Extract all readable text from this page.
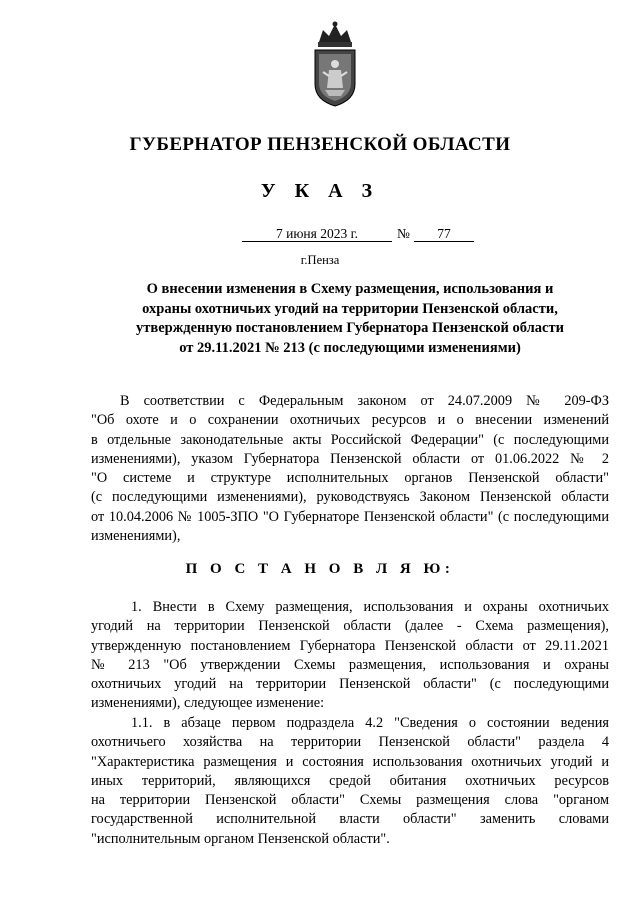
ГУБЕРНАТОР ПЕНЗЕНСКОЙ ОБЛАСТИ
У К А З
7 июня 2023 г.	№	77
г.Пенза
О внесении изменения в Схему размещения, использования и
охраны охотничьих угодий на территории Пензенской области,
утвержденную постановлением Губернатора Пензенской области
от 29.11.2021 № 213 (с последующими изменениями)
В соответствии с Федеральным законом от 24.07.2009 № 209-ФЗ
"Об охоте и о сохранении охотничьих ресурсов и о внесении изменений
в отдельные законодательные акты Российской Федерации" (с последующими
изменениями), указом Губернатора Пензенской области от 01.06.2022 № 2
"О системе и структуре исполнительных органов Пензенской области"
(с последующими изменениями), руководствуясь Законом Пензенской области
от 10.04.2006 № 1005-ЗПО "О Губернаторе Пензенской области" (с последующими
изменениями),
П О С Т А Н О В Л Я Ю:
1. Внести в Схему размещения, использования и охраны охотничьих
угодий на территории Пензенской области (далее - Схема размещения),
утвержденную постановлением Губернатора Пензенской области от 29.11.2021
№ 213 "Об утверждении Схемы размещения, использования и охраны
охотничьих угодий на территории Пензенской области" (с последующими
изменениями), следующее изменение:
1.1. в абзаце первом подраздела 4.2 "Сведения о состоянии ведения
охотничьего хозяйства на территории Пензенской области" раздела 4
"Характеристика размещения и состояния использования охотничьих угодий и
иных территорий, являющихся средой обитания охотничьих ресурсов
на территории Пензенской области" Схемы размещения слова "органом
государственной исполнительной власти области" заменить словами
"исполнительным органом Пензенской области".
